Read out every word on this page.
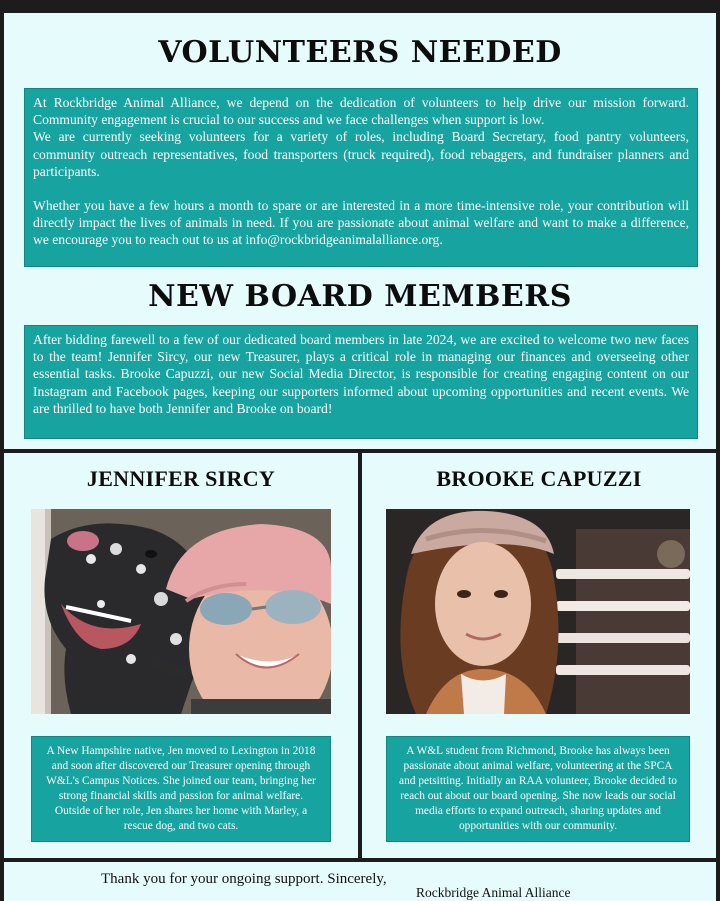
VOLUNTEERS NEEDED

At Rockbridge Animal Alliance, we depend on the dedication of volunteers to help drive our mission forward. Community engagement is crucial to our success and we face challenges when support is low.

We are currently seeking volunteers for a variety of roles, including Board Secretary, food pantry volunteers, community outreach representatives, food transporters (truck required), food rebaggers, and fundraiser planners and participants.

Whether you have a few hours a month to spare or are interested in a more time-intensive role, your contribution will directly impact the lives of animals in need. If you are passionate about animal welfare and want to make a difference, we encourage you to reach out to us at info@rockbridgeanimalalliance.org.

NEW BOARD MEMBERS

After bidding farewell to a few of our dedicated board members in late 2024, we are excited to welcome two new faces to the team! Jennifer Sircy, our new Treasurer, plays a critical role in managing our finances and overseeing other essential tasks. Brooke Capuzzi, our new Social Media Director, is responsible for creating engaging content on our Instagram and Facebook pages, keeping our supporters informed about upcoming opportunities and recent events. We are thrilled to have both Jennifer and Brooke on board!

JENNIFER SIRCY
A New Hampshire native, Jen moved to Lexington in 2018 and soon after discovered our Treasurer opening through W&L's Campus Notices. She joined our team, bringing her strong financial skills and passion for animal welfare. Outside of her role, Jen shares her home with Marley, a rescue dog, and two cats.
BROOKE CAPUZZI
A W&L student from Richmond, Brooke has always been passionate about animal welfare, volunteering at the SPCA and petsitting. Initially an RAA volunteer, Brooke decided to reach out about our board opening. She now leads our social media efforts to expand outreach, sharing updates and opportunities with our community.
Thank you for your ongoing support. Sincerely,
Rockbridge Animal Alliance
